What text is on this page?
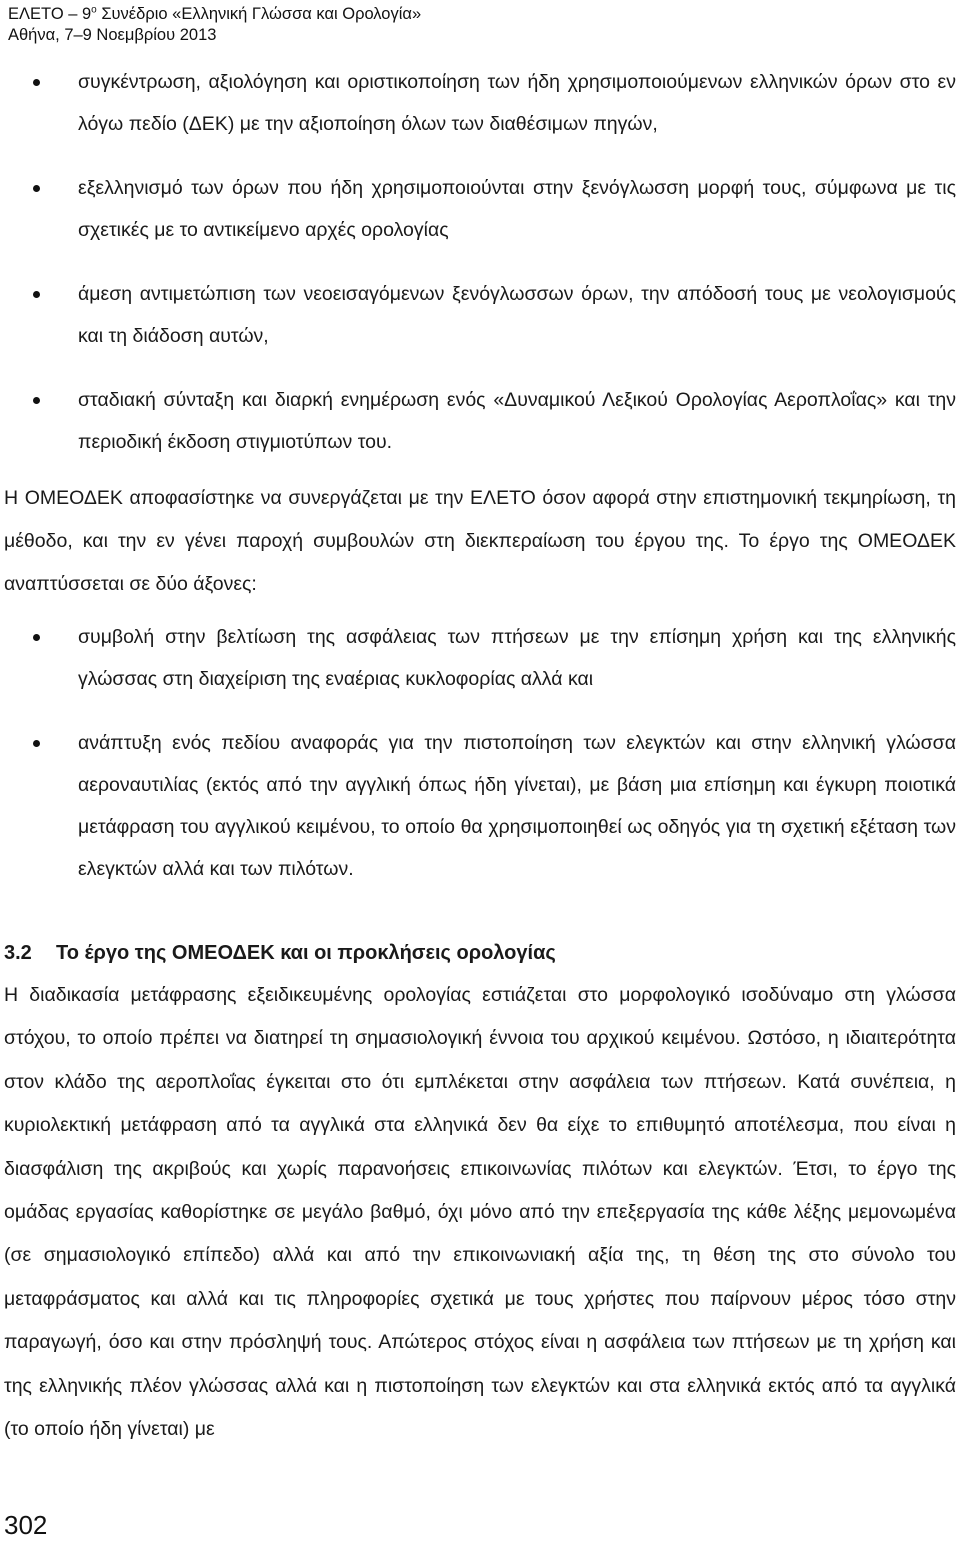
ΕΛΕΤΟ – $9^o$ Συνέδριο «Ελληνική Γλώσσα και Ορολογία»
Αθήνα, 7–9 Νοεμβρίου 2013
συγκέντρωση, αξιολόγηση και οριστικοποίηση των ήδη χρησιμοποιούμενων ελληνικών όρων στο εν λόγω πεδίο (ΔΕΚ) με την αξιοποίηση όλων των διαθέσιμων πηγών,
εξελληνισμό των όρων που ήδη χρησιμοποιούνται στην ξενόγλωσση μορφή τους, σύμφωνα με τις σχετικές με το αντικείμενο αρχές ορολογίας
άμεση αντιμετώπιση των νεοεισαγόμενων ξενόγλωσσων όρων, την απόδοσή τους με νεολογισμούς και τη διάδοση αυτών,
σταδιακή σύνταξη και διαρκή ενημέρωση ενός «Δυναμικού Λεξικού Ορολογίας Αεροπλοΐας» και την περιοδική έκδοση στιγμιοτύπων του.

Η ΟΜΕΟΔΕΚ αποφασίστηκε να συνεργάζεται με την ΕΛΕΤΟ όσον αφορά στην επιστημονική τεκμηρίωση, τη μέθοδο, και την εν γένει παροχή συμβουλών στη διεκπεραίωση του έργου της. Το έργο της ΟΜΕΟΔΕΚ αναπτύσσεται σε δύο άξονες:

συμβολή στην βελτίωση της ασφάλειας των πτήσεων με την επίσημη χρήση και της ελληνικής γλώσσας στη διαχείριση της εναέριας κυκλοφορίας αλλά και
ανάπτυξη ενός πεδίου αναφοράς για την πιστοποίηση των ελεγκτών και στην ελληνική γλώσσα αεροναυτιλίας (εκτός από την αγγλική όπως ήδη γίνεται), με βάση μια επίσημη και έγκυρη ποιοτικά μετάφραση του αγγλικού κειμένου, το οποίο θα χρησιμοποιηθεί ως οδηγός για τη σχετική εξέταση των ελεγκτών αλλά και των πιλότων.
3.2 Το έργο της ΟΜΕΟΔΕΚ και οι προκλήσεις ορολογίας

Η διαδικασία μετάφρασης εξειδικευμένης ορολογίας εστιάζεται στο μορφολογικό ισοδύναμο στη γλώσσα στόχου, το οποίο πρέπει να διατηρεί τη σημασιολογική έννοια του αρχικού κειμένου. Ωστόσο, η ιδιαιτερότητα στον κλάδο της αεροπλοΐας έγκειται στο ότι εμπλέκεται στην ασφάλεια των πτήσεων. Κατά συνέπεια, η κυριολεκτική μετάφραση από τα αγγλικά στα ελληνικά δεν θα είχε το επιθυμητό αποτέλεσμα, που είναι η διασφάλιση της ακριβούς και χωρίς παρανοήσεις επικοινωνίας πιλότων και ελεγκτών. Έτσι, το έργο της ομάδας εργασίας καθορίστηκε σε μεγάλο βαθμό, όχι μόνο από την επεξεργασία της κάθε λέξης μεμονωμένα (σε σημασιολογικό επίπεδο) αλλά και από την επικοινωνιακή αξία της, τη θέση της στο σύνολο του μεταφράσματος και αλλά και τις πληροφορίες σχετικά με τους χρήστες που παίρνουν μέρος τόσο στην παραγωγή, όσο και στην πρόσληψή τους. Απώτερος στόχος είναι η ασφάλεια των πτήσεων με τη χρήση και της ελληνικής πλέον γλώσσας αλλά και η πιστοποίηση των ελεγκτών και στα ελληνικά εκτός από τα αγγλικά (το οποίο ήδη γίνεται) με

302
